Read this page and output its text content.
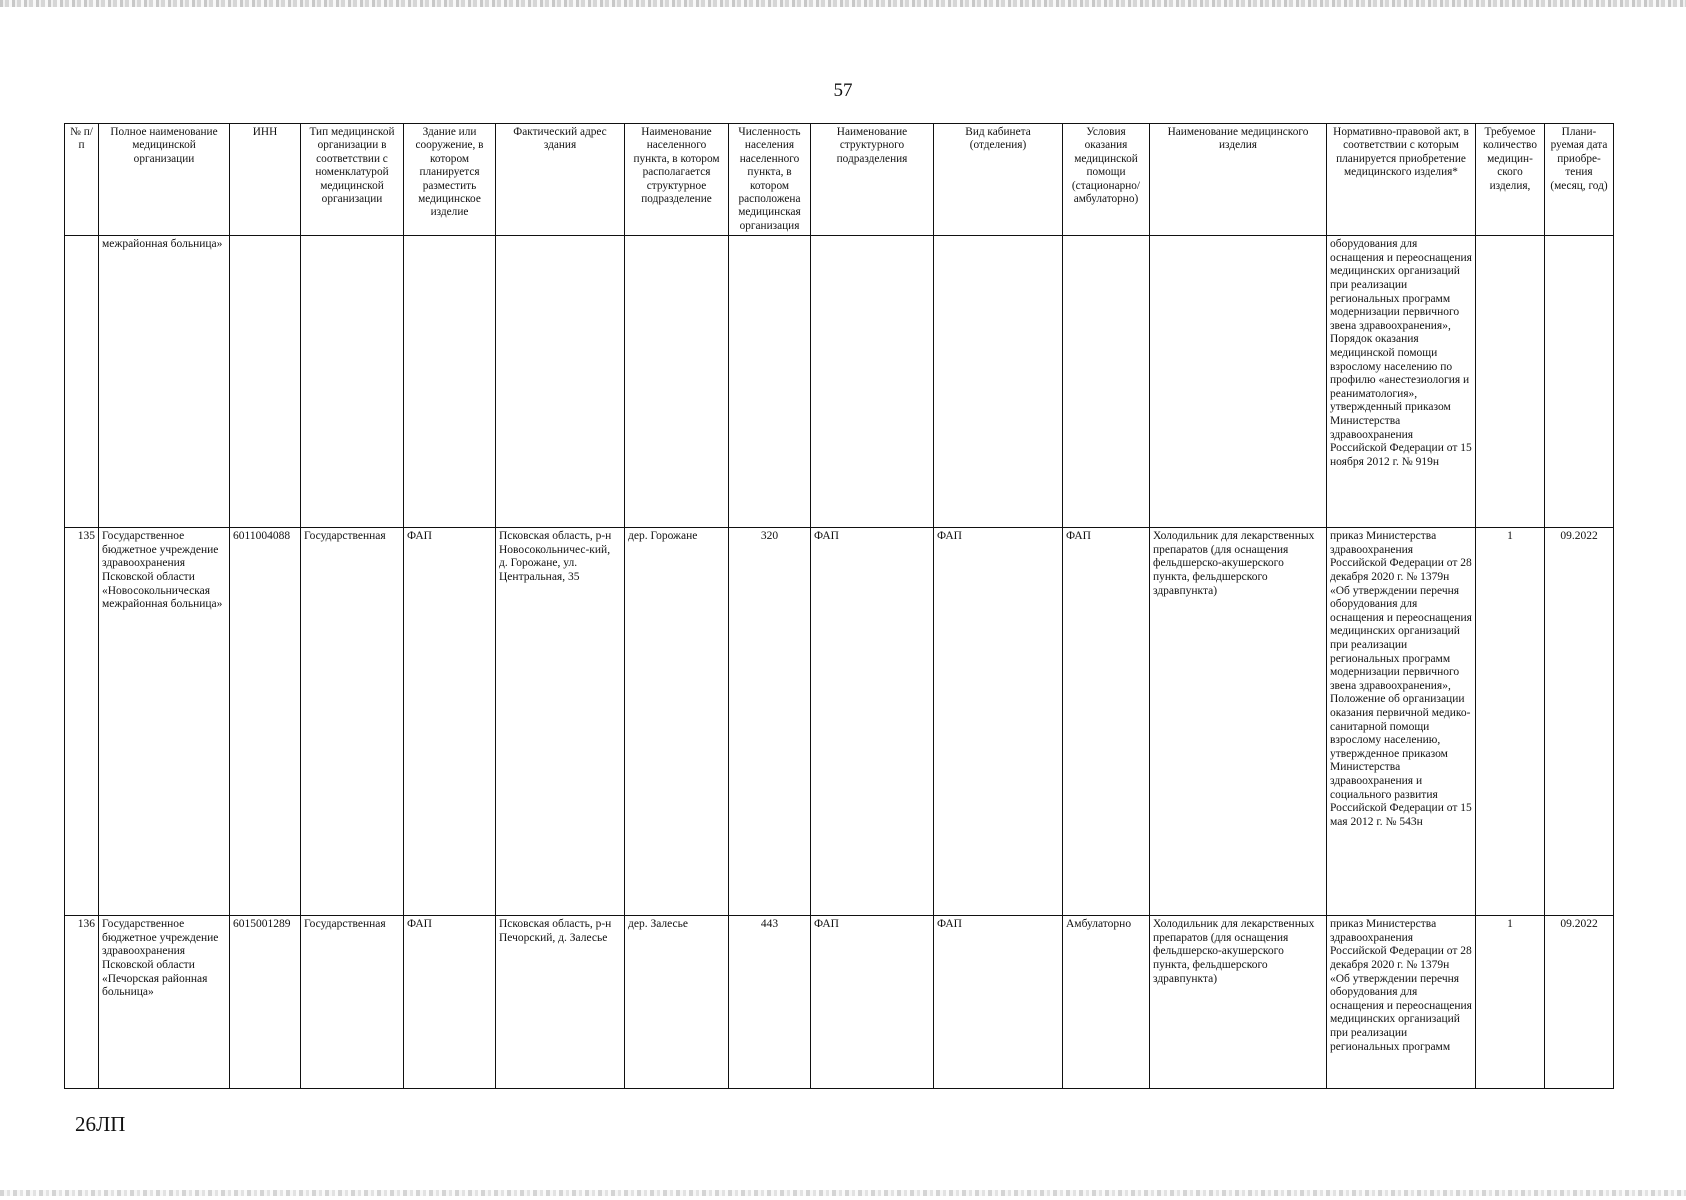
57
№ п/п	Полное наименование медицинской организации	ИНН	Тип медицинской организации в соответствии с номенклатурой медицинской организации	Здание или сооружение, в котором планируется разместить медицинское изделие	Фактический адрес здания	Наименование населенного пункта, в котором располагается структурное подразделение	Численность населения населенного пункта, в котором расположена медицинская организация	Наименование структурного подразделения	Вид кабинета (отделения)	Условия оказания медицинской помощи (стационарно/амбулаторно)	Наименование медицинского изделия	Нормативно-правовой акт, в соответствии с которым планируется приобретение медицинского изделия*	Требуемое количество медицин-ского изделия,	Плани-руемая дата приобре-тения (месяц, год)
	межрайонная больница»											оборудования для оснащения и переоснащения медицинских организаций при реализации региональных программ модернизации первичного звена здравоохранения», Порядок оказания медицинской помощи взрослому населению по профилю «анестезиология и реаниматология», утвержденный приказом Министерства здравоохранения Российской Федерации от 15 ноября 2012 г. № 919н		
135	Государственное бюджетное учреждение здравоохранения Псковской области «Новосокольническая межрайонная больница»	6011004088	Государственная	ФАП	Псковская область, р-н Новосокольничес-кий, д. Горожане, ул. Центральная, 35	дер. Горожане	320	ФАП	ФАП	ФАП	Холодильник для лекарственных препаратов (для оснащения фельдшерско-акушерского пункта, фельдшерского здравпункта)	приказ Министерства здравоохранения Российской Федерации от 28 декабря 2020 г. № 1379н «Об утверждении перечня оборудования для оснащения и переоснащения медицинских организаций при реализации региональных программ модернизации первичного звена здравоохранения», Положение об организации оказания первичной медико-санитарной помощи взрослому населению, утвержденное приказом Министерства здравоохранения и социального развития Российской Федерации от 15 мая 2012 г. № 543н	1	09.2022
136	Государственное бюджетное учреждение здравоохранения Псковской области «Печорская районная больница»	6015001289	Государственная	ФАП	Псковская область, р-н Печорский, д. Залесье	дер. Залесье	443	ФАП	ФАП	Амбулаторно	Холодильник для лекарственных препаратов (для оснащения фельдшерско-акушерского пункта, фельдшерского здравпункта)	приказ Министерства здравоохранения Российской Федерации от 28 декабря 2020 г. № 1379н «Об утверждении перечня оборудования для оснащения и переоснащения медицинских организаций при реализации региональных программ	1	09.2022
26ЛП
